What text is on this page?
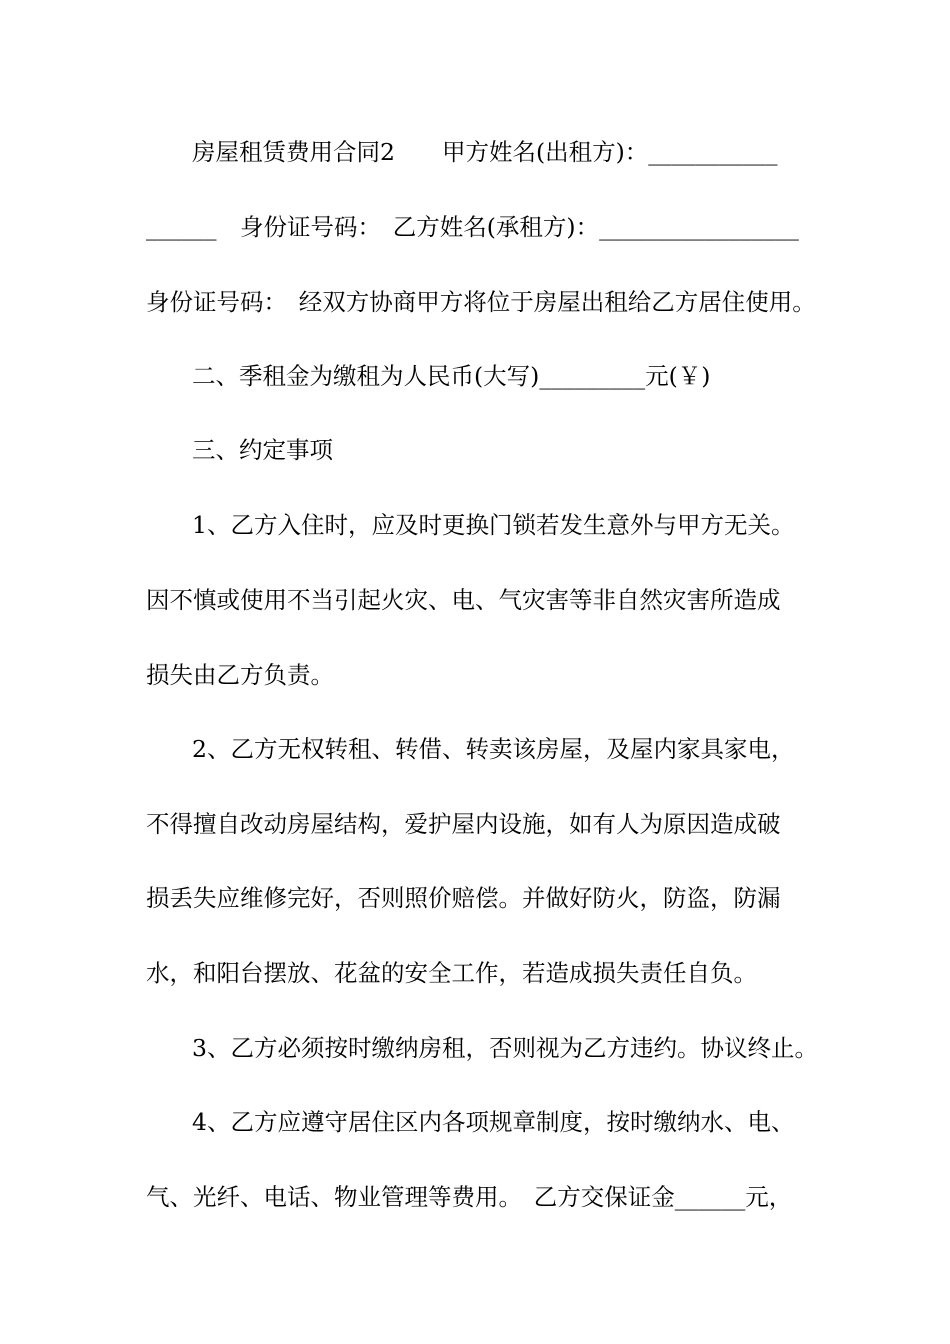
房屋租赁费用合同2　　甲方姓名(出租方)：___________
______　身份证号码：　乙方姓名(承租方)：_________________
身份证号码：　经双方协商甲方将位于房屋出租给乙方居住使用。
二、季租金为缴租为人民币(大写)_________元(￥)
三、约定事项
1、乙方入住时，应及时更换门锁若发生意外与甲方无关。
因不慎或使用不当引起火灾、电、气灾害等非自然灾害所造成
损失由乙方负责。
2、乙方无权转租、转借、转卖该房屋，及屋内家具家电，
不得擅自改动房屋结构，爱护屋内设施，如有人为原因造成破
损丢失应维修完好，否则照价赔偿。并做好防火，防盗，防漏
水，和阳台摆放、花盆的安全工作，若造成损失责任自负。
3、乙方必须按时缴纳房租，否则视为乙方违约。协议终止。
4、乙方应遵守居住区内各项规章制度，按时缴纳水、电、
气、光纤、电话、物业管理等费用。　乙方交保证金______元，
